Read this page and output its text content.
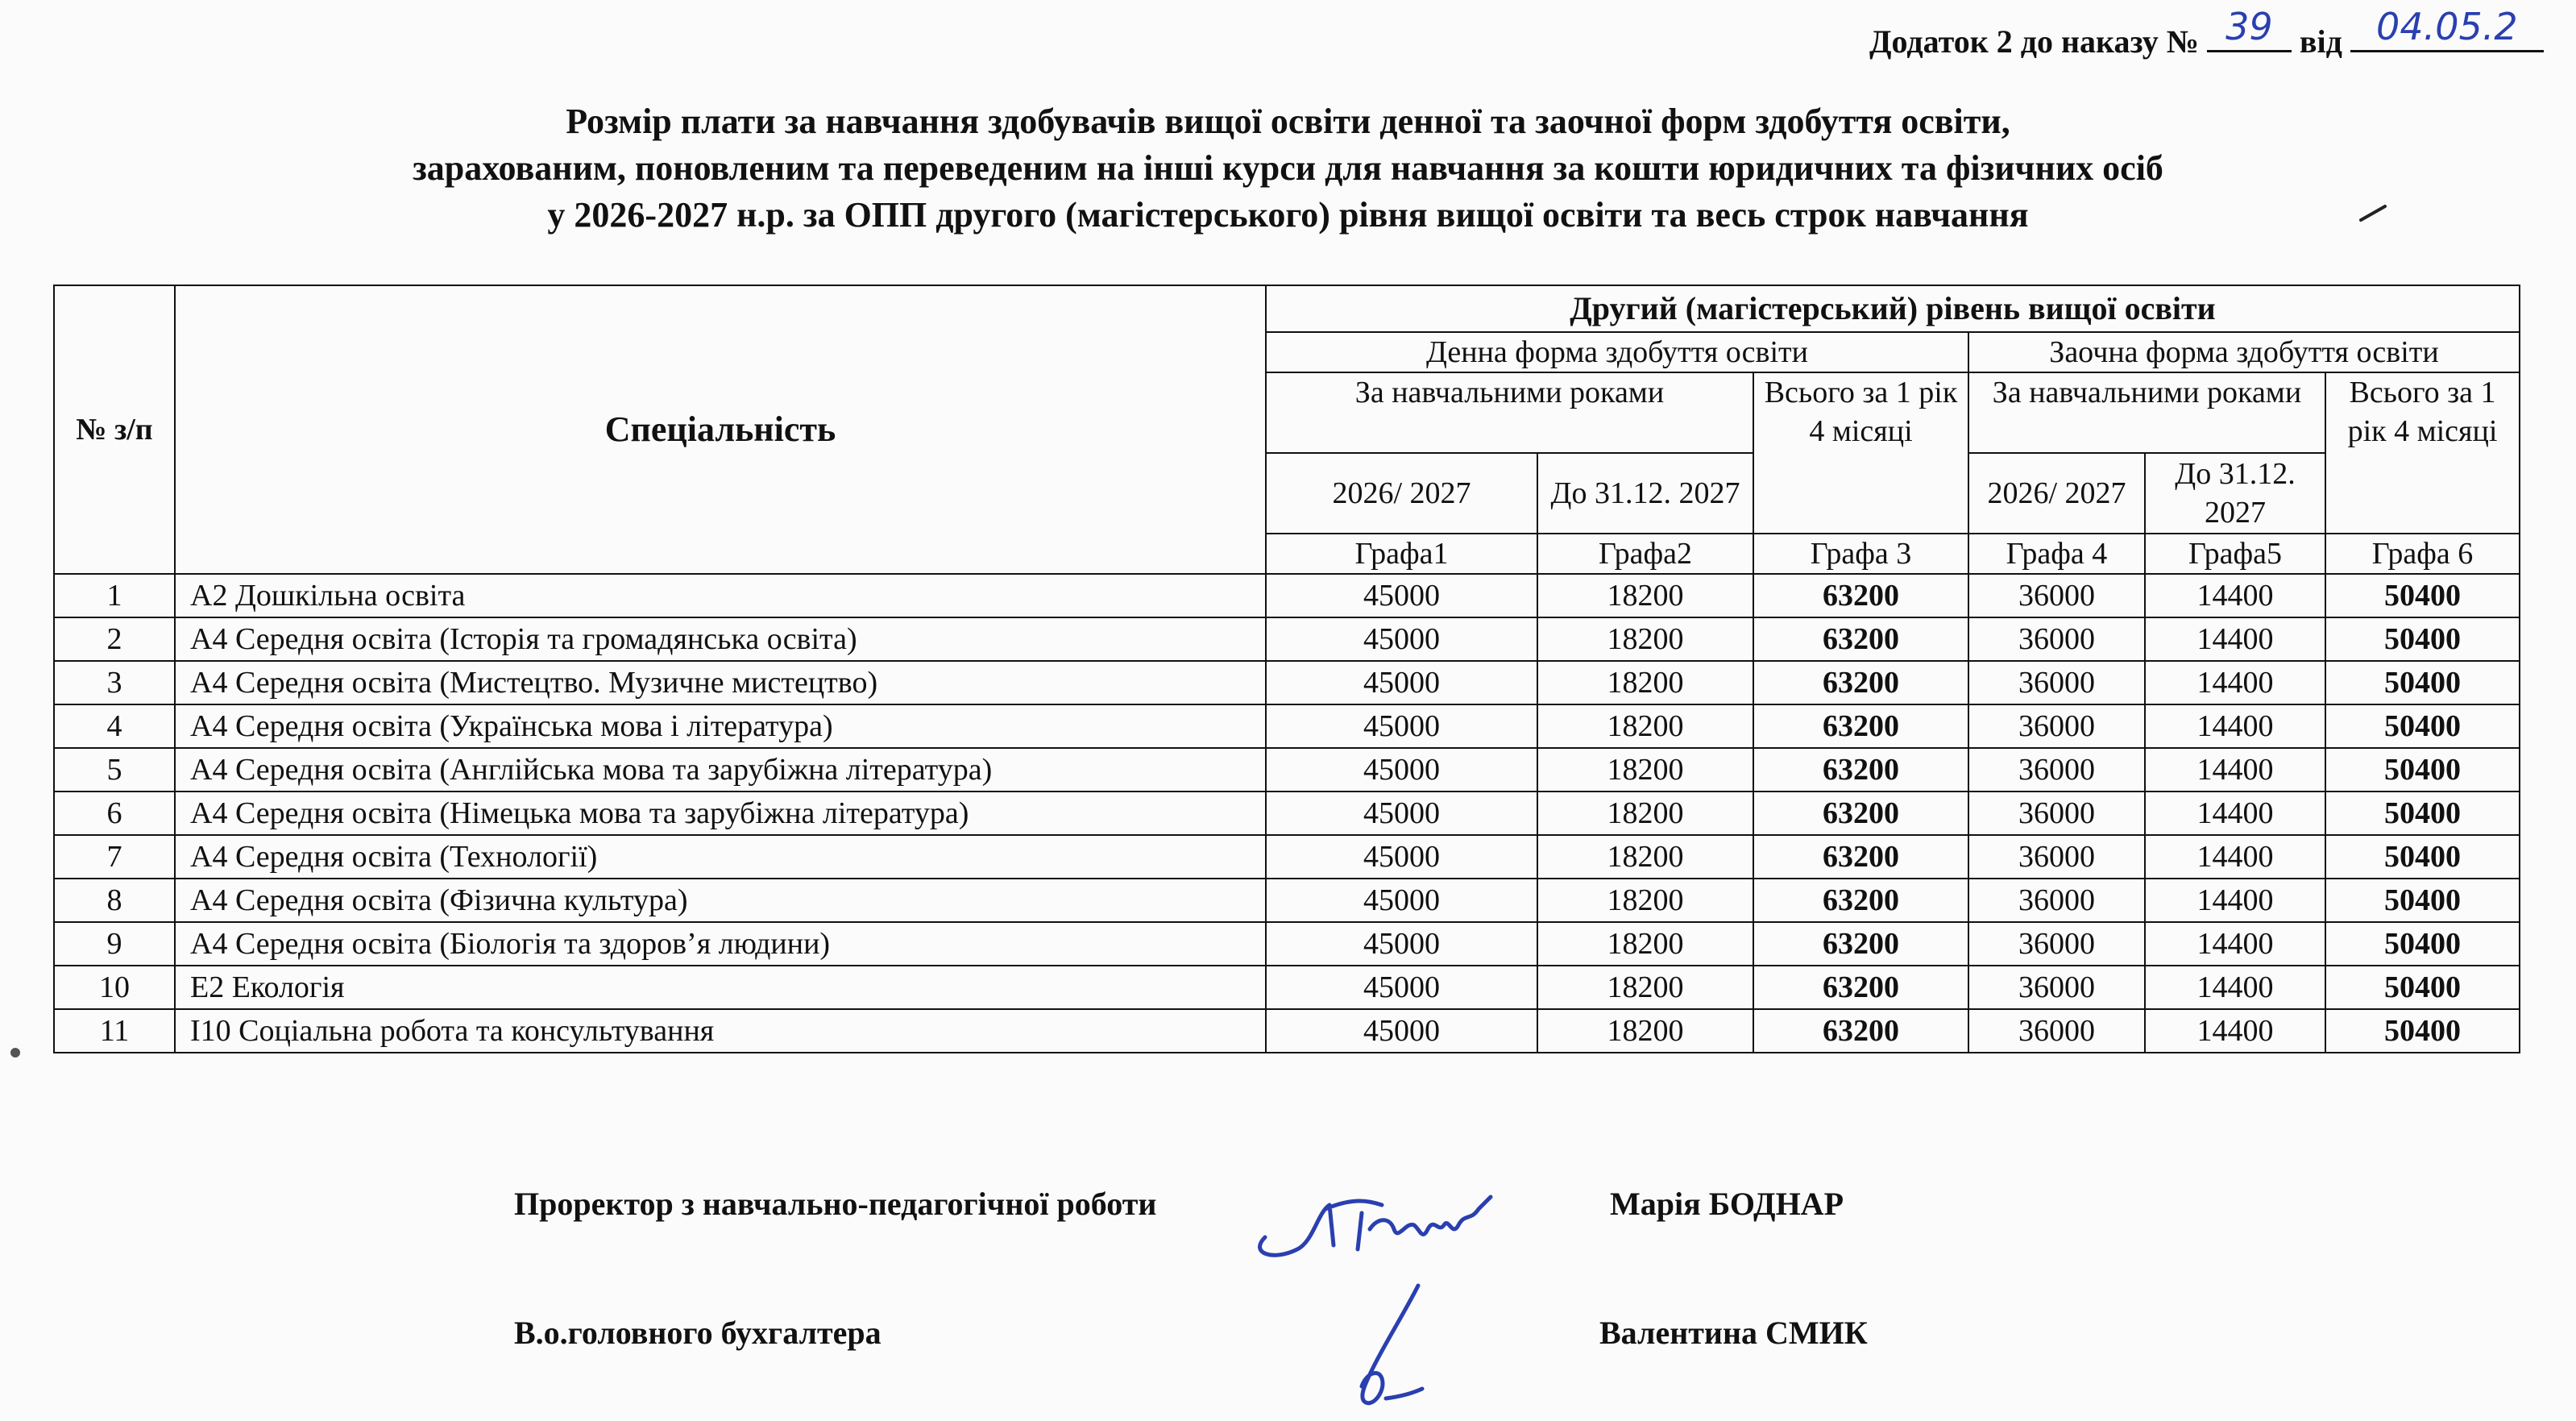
Додаток 2 до наказу № 39 від 04.05.2
Розмір плати за навчання здобувачів вищої освіти денної та заочної форм здобуття освіти,
зарахованим, поновленим та переведеним на інші курси для навчання за кошти юридичних та фізичних осіб
у 2026-2027 н.р. за ОПП другого (магістерського) рівня вищої освіти та весь строк навчання
№ з/п	Спеціальність	Другий (магістерський) рівень вищої освіти					
		Денна форма здобуття освіти			Заочна форма здобуття освіти		
		За навчальними роками		Всього за 1 рік 4 місяці	За навчальними роками		Всього за 1 рік 4 місяці
		2026/ 2027	До 31.12. 2027		2026/ 2027	До 31.12. 2027	
		Графа1	Графа2	Графа 3	Графа 4	Графа5	Графа 6
1	А2 Дошкільна освіта	45000	18200	63200	36000	14400	50400
2	А4 Середня освіта (Історія та громадянська освіта)	45000	18200	63200	36000	14400	50400
3	А4 Середня освіта (Мистецтво. Музичне мистецтво)	45000	18200	63200	36000	14400	50400
4	А4 Середня освіта (Українська мова і література)	45000	18200	63200	36000	14400	50400
5	А4 Середня освіта (Англійська мова та зарубіжна література)	45000	18200	63200	36000	14400	50400
6	А4 Середня освіта (Німецька мова та зарубіжна література)	45000	18200	63200	36000	14400	50400
7	А4 Середня освіта (Технології)	45000	18200	63200	36000	14400	50400
8	А4 Середня освіта (Фізична культура)	45000	18200	63200	36000	14400	50400
9	А4 Середня освіта (Біологія та здоров’я людини)	45000	18200	63200	36000	14400	50400
10	Е2 Екологія	45000	18200	63200	36000	14400	50400
11	І10 Соціальна робота та консультування	45000	18200	63200	36000	14400	50400
Проректор з навчально-педагогічної роботи	Марія БОДНАР
В.о.головного бухгалтера	Валентина СМИК
